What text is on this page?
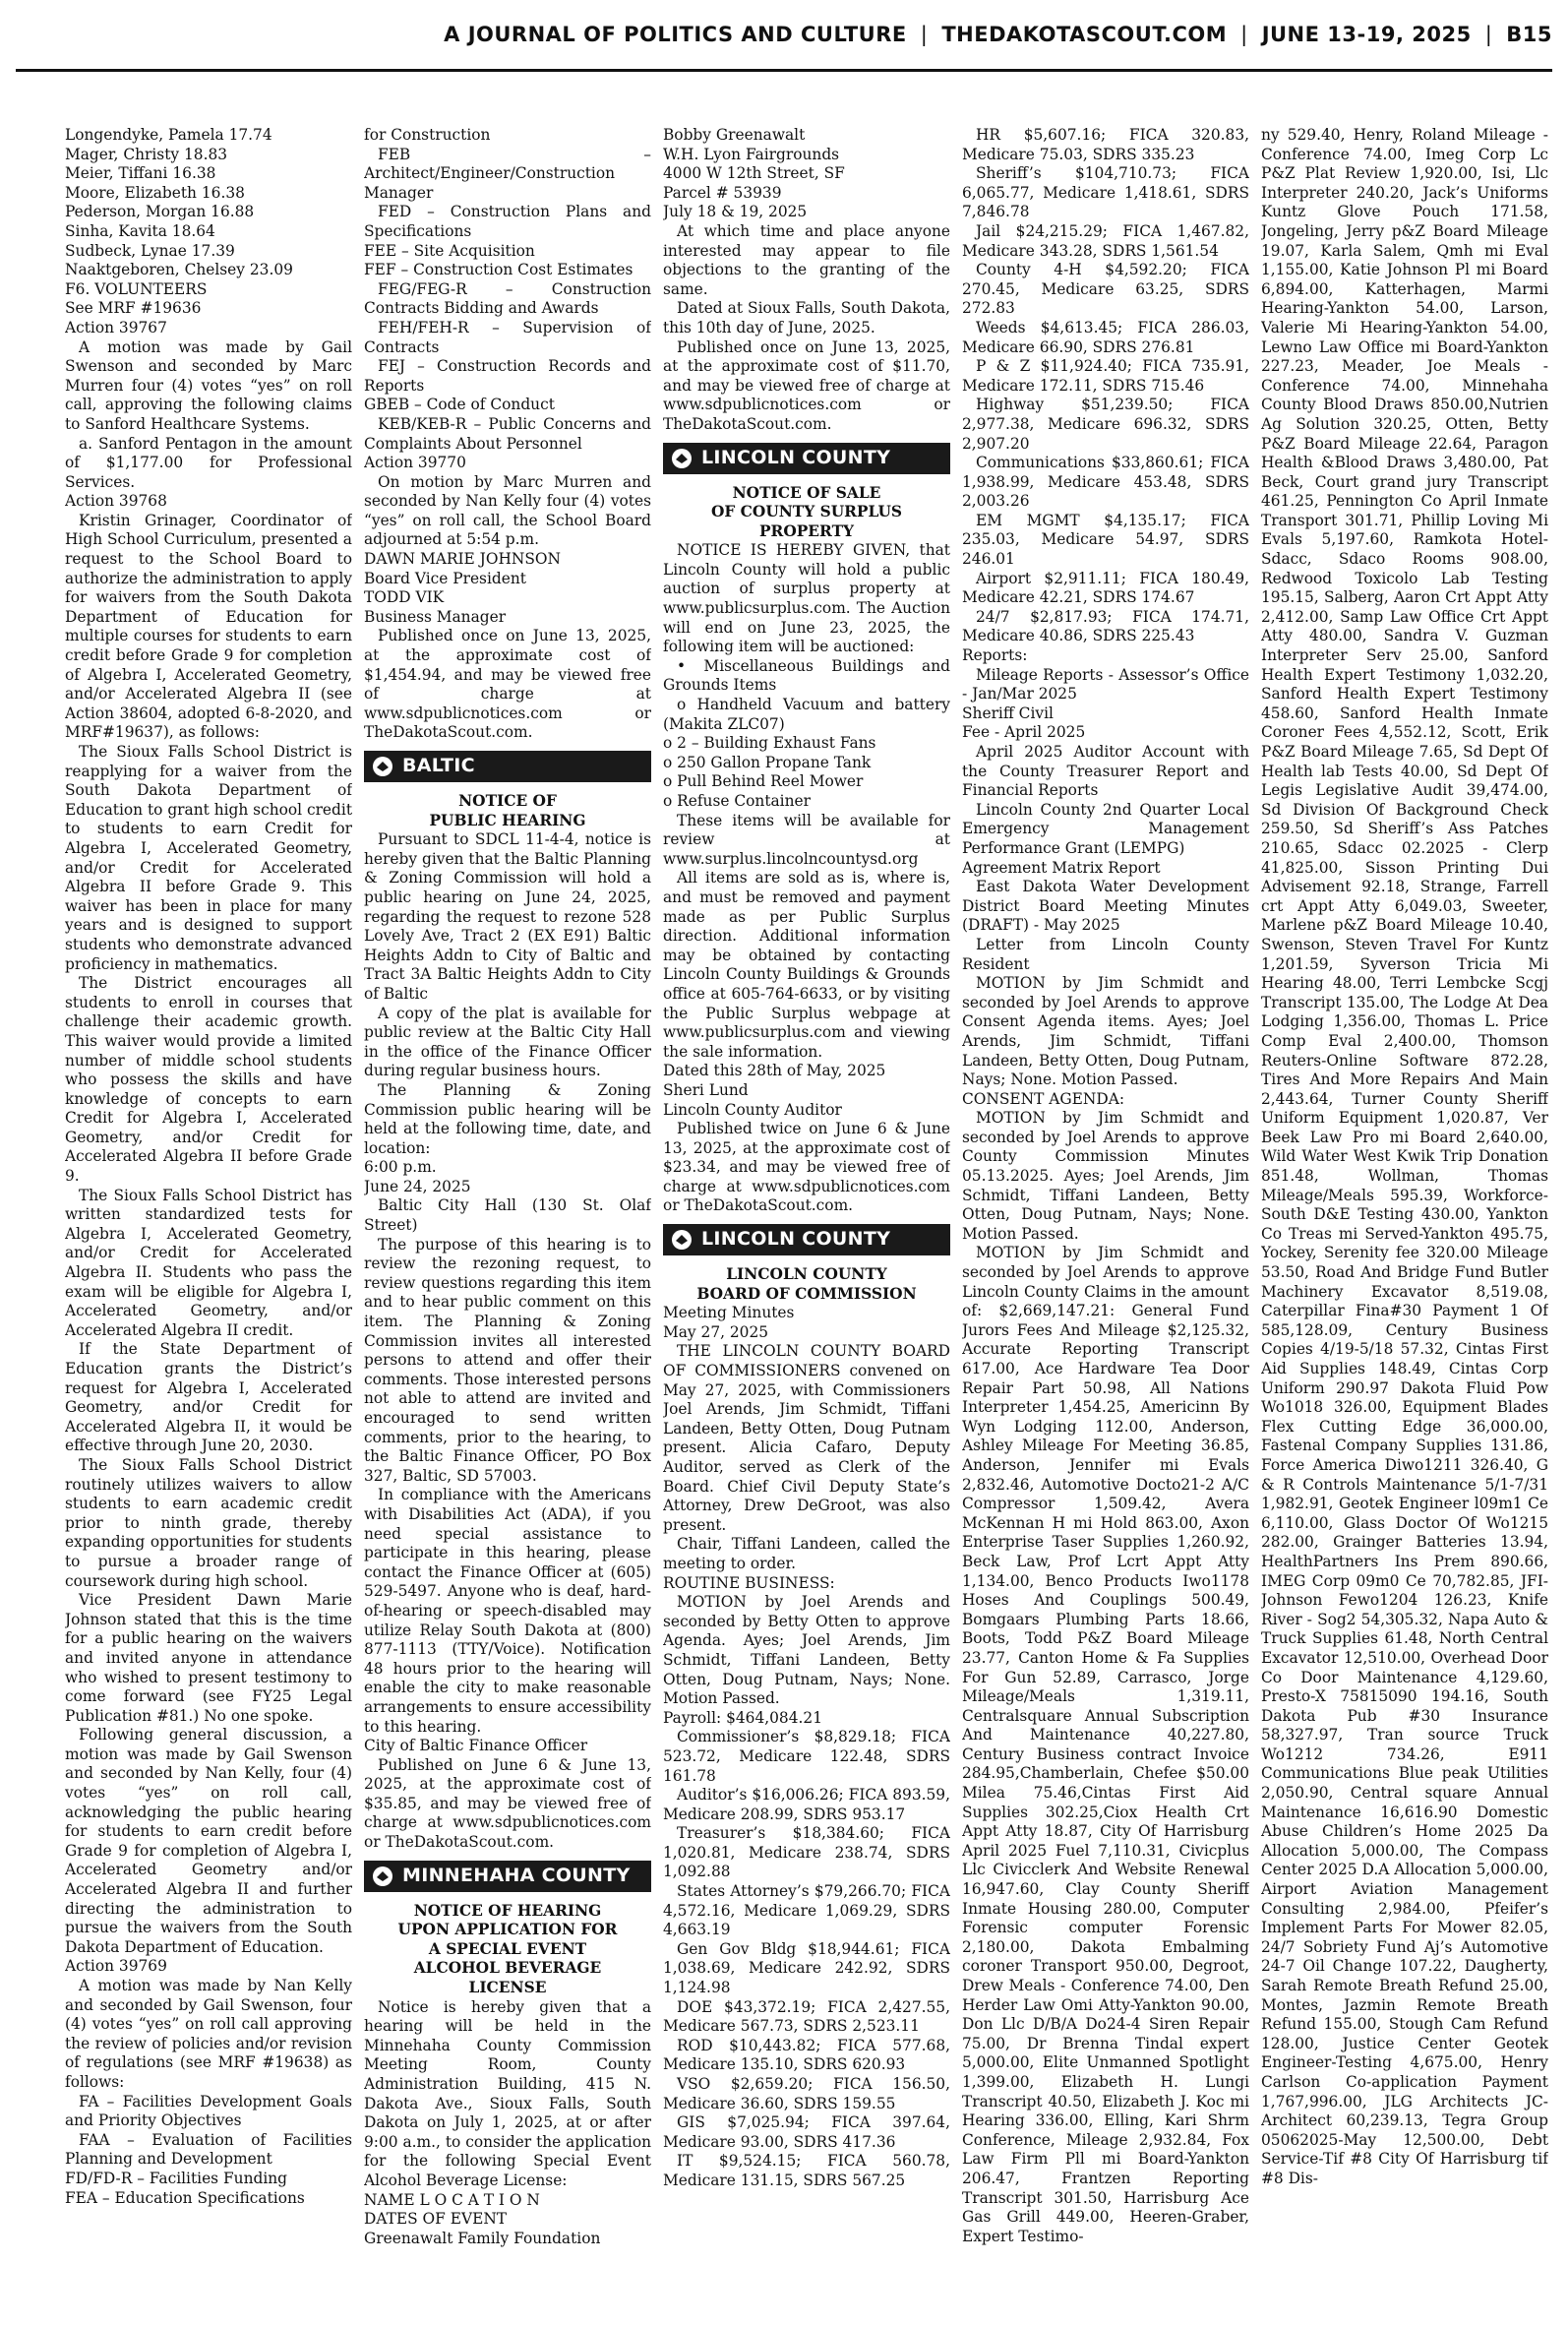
A JOURNAL OF POLITICS AND CULTURE | THEDAKOTASCOUT.COM | JUNE 13-19, 2025 | B15

Longendyke, Pamela 17.74

Mager, Christy 18.83

Meier, Tiffani 16.38

Moore, Elizabeth 16.38

Pederson, Morgan 16.88

Sinha, Kavita 18.64

Sudbeck, Lynae 17.39

Naaktgeboren, Chelsey 23.09

F6. VOLUNTEERS

See MRF #19636

Action 39767

A motion was made by Gail Swenson and seconded by Marc Murren four (4) votes “yes” on roll call, approving the following claims to Sanford Healthcare Systems.

a. Sanford Pentagon in the amount of $1,177.00 for Professional Services.

Action 39768

Kristin Grinager, Coordinator of High School Curriculum, presented a request to the School Board to authorize the administration to apply for waivers from the South Dakota Department of Education for multiple courses for students to earn credit before Grade 9 for completion of Algebra I, Accelerated Geometry, and/or Accelerated Algebra II (see Action 38604, adopted 6-8-2020, and MRF#19637), as follows:

The Sioux Falls School District is reapplying for a waiver from the South Dakota Department of Education to grant high school credit to students to earn Credit for Algebra I, Accelerated Geometry, and/or Credit for Accelerated Algebra II before Grade 9. This waiver has been in place for many years and is designed to support students who demonstrate advanced proficiency in mathematics.

The District encourages all students to enroll in courses that challenge their academic growth. This waiver would provide a limited number of middle school students who possess the skills and have knowledge of concepts to earn Credit for Algebra I, Accelerated Geometry, and/or Credit for Accelerated Algebra II before Grade 9.

The Sioux Falls School District has written standardized tests for Algebra I, Accelerated Geometry, and/or Credit for Accelerated Algebra II. Students who pass the exam will be eligible for Algebra I, Accelerated Geometry, and/or Accelerated Algebra II credit.

If the State Department of Education grants the District’s request for Algebra I, Accelerated Geometry, and/or Credit for Accelerated Algebra II, it would be effective through June 20, 2030.

The Sioux Falls School District routinely utilizes waivers to allow students to earn academic credit prior to ninth grade, thereby expanding opportunities for students to pursue a broader range of coursework during high school.

Vice President Dawn Marie Johnson stated that this is the time for a public hearing on the waivers and invited anyone in attendance who wished to present testimony to come forward (see FY25 Legal Publication #81.) No one spoke.

Following general discussion, a motion was made by Gail Swenson and seconded by Nan Kelly, four (4) votes “yes” on roll call, acknowledging the public hearing for students to earn credit before Grade 9 for completion of Algebra I, Accelerated Geometry and/or Accelerated Algebra II and further directing the administration to pursue the waivers from the South Dakota Department of Education.

Action 39769

A motion was made by Nan Kelly and seconded by Gail Swenson, four (4) votes “yes” on roll call approving the review of policies and/or revision of regulations (see MRF #19638) as follows:

FA – Facilities Development Goals and Priority Objectives

FAA – Evaluation of Facilities Planning and Development

FD/FD-R – Facilities Funding

FEA – Education Specifications

for Construction

FEB – Architect/Engineer/Construction Manager

FED – Construction Plans and Specifications

FEE – Site Acquisition

FEF – Construction Cost Estimates

FEG/FEG-R – Construction Contracts Bidding and Awards

FEH/FEH-R – Supervision of Contracts

FEJ – Construction Records and Reports

GBEB – Code of Conduct

KEB/KEB-R – Public Concerns and Complaints About Personnel

Action 39770

On motion by Marc Murren and seconded by Nan Kelly four (4) votes “yes” on roll call, the School Board adjourned at 5:54 p.m.

DAWN MARIE JOHNSON

Board Vice President

TODD VIK

Business Manager

Published once on June 13, 2025, at the approximate cost of $1,454.94, and may be viewed free of charge at www.sdpublicnotices.com or TheDakotaScout.com.

BALTIC

NOTICE OF

PUBLIC HEARING

Pursuant to SDCL 11-4-4, notice is hereby given that the Baltic Planning & Zoning Commission will hold a public hearing on June 24, 2025, regarding the request to rezone 528 Lovely Ave, Tract 2 (EX E91) Baltic Heights Addn to City of Baltic and Tract 3A Baltic Heights Addn to City of Baltic

A copy of the plat is available for public review at the Baltic City Hall in the office of the Finance Officer during regular business hours.

The Planning & Zoning Commission public hearing will be held at the following time, date, and location:

6:00 p.m.

June 24, 2025

Baltic City Hall (130 St. Olaf Street)

The purpose of this hearing is to review the rezoning request, to review questions regarding this item and to hear public comment on this item. The Planning & Zoning Commission invites all interested persons to attend and offer their comments. Those interested persons not able to attend are invited and encouraged to send written comments, prior to the hearing, to the Baltic Finance Officer, PO Box 327, Baltic, SD 57003.

In compliance with the Americans with Disabilities Act (ADA), if you need special assistance to participate in this hearing, please contact the Finance Officer at (605) 529-5497. Anyone who is deaf, hard-of-hearing or speech-disabled may utilize Relay South Dakota at (800) 877-1113 (TTY/Voice). Notification 48 hours prior to the hearing will enable the city to make reasonable arrangements to ensure accessibility to this hearing.

City of Baltic Finance Officer

Published on June 6 & June 13, 2025, at the approximate cost of $35.85, and may be viewed free of charge at www.sdpublicnotices.com or TheDakotaScout.com.

MINNEHAHA COUNTY

NOTICE OF HEARING

UPON APPLICATION FOR

A SPECIAL EVENT

ALCOHOL BEVERAGE

LICENSE

Notice is hereby given that a hearing will be held in the Minnehaha County Commission Meeting Room, County Administration Building, 415 N. Dakota Ave., Sioux Falls, South Dakota on July 1, 2025, at or after 9:00 a.m., to consider the application for the following Special Event Alcohol Beverage License:

NAME L O C A T I O N

DATES OF EVENT

Greenawalt Family Foundation

Bobby Greenawalt

W.H. Lyon Fairgrounds

4000 W 12th Street, SF

Parcel # 53939

July 18 & 19, 2025

At which time and place anyone interested may appear to file objections to the granting of the same.

Dated at Sioux Falls, South Dakota, this 10th day of June, 2025.

Published once on June 13, 2025, at the approximate cost of $11.70, and may be viewed free of charge at www.sdpublicnotices.com or TheDakotaScout.com.

LINCOLN COUNTY

NOTICE OF SALE

OF COUNTY SURPLUS

PROPERTY

NOTICE IS HEREBY GIVEN, that Lincoln County will hold a public auction of surplus property at www.publicsurplus.com. The Auction will end on June 23, 2025, the following item will be auctioned:

• Miscellaneous Buildings and Grounds Items

o Handheld Vacuum and battery (Makita ZLC07)

o 2 – Building Exhaust Fans

o 250 Gallon Propane Tank

o Pull Behind Reel Mower

o Refuse Container

These items will be available for review at www.surplus.lincolncountysd.org

All items are sold as is, where is, and must be removed and payment made as per Public Surplus direction. Additional information may be obtained by contacting Lincoln County Buildings & Grounds office at 605-764-6633, or by visiting the Public Surplus webpage at www.publicsurplus.com and viewing the sale information.

Dated this 28th of May, 2025

Sheri Lund

Lincoln County Auditor

Published twice on June 6 & June 13, 2025, at the approximate cost of $23.34, and may be viewed free of charge at www.sdpublicnotices.com or TheDakotaScout.com.

LINCOLN COUNTY

LINCOLN COUNTY

BOARD OF COMMISSION

Meeting Minutes

May 27, 2025

THE LINCOLN COUNTY BOARD OF COMMISSIONERS convened on May 27, 2025, with Commissioners Joel Arends, Jim Schmidt, Tiffani Landeen, Betty Otten, Doug Putnam present. Alicia Cafaro, Deputy Auditor, served as Clerk of the Board. Chief Civil Deputy State’s Attorney, Drew DeGroot, was also present.

Chair, Tiffani Landeen, called the meeting to order.

ROUTINE BUSINESS:

MOTION by Joel Arends and seconded by Betty Otten to approve Agenda. Ayes; Joel Arends, Jim Schmidt, Tiffani Landeen, Betty Otten, Doug Putnam, Nays; None. Motion Passed.

Payroll: $464,084.21

Commissioner’s $8,829.18; FICA 523.72, Medicare 122.48, SDRS 161.78

Auditor’s $16,006.26; FICA 893.59, Medicare 208.99, SDRS 953.17

Treasurer’s $18,384.60; FICA 1,020.81, Medicare 238.74, SDRS 1,092.88

States Attorney’s $79,266.70; FICA 4,572.16, Medicare 1,069.29, SDRS 4,663.19

Gen Gov Bldg $18,944.61; FICA 1,038.69, Medicare 242.92, SDRS 1,124.98

DOE $43,372.19; FICA 2,427.55, Medicare 567.73, SDRS 2,523.11

ROD $10,443.82; FICA 577.68, Medicare 135.10, SDRS 620.93

VSO $2,659.20; FICA 156.50, Medicare 36.60, SDRS 159.55

GIS $7,025.94; FICA 397.64, Medicare 93.00, SDRS 417.36

IT $9,524.15; FICA 560.78, Medicare 131.15, SDRS 567.25

HR $5,607.16; FICA 320.83, Medicare 75.03, SDRS 335.23

Sheriff’s $104,710.73; FICA 6,065.77, Medicare 1,418.61, SDRS 7,846.78

Jail $24,215.29; FICA 1,467.82, Medicare 343.28, SDRS 1,561.54

County 4-H $4,592.20; FICA 270.45, Medicare 63.25, SDRS 272.83

Weeds $4,613.45; FICA 286.03, Medicare 66.90, SDRS 276.81

P & Z $11,924.40; FICA 735.91, Medicare 172.11, SDRS 715.46

Highway $51,239.50; FICA 2,977.38, Medicare 696.32, SDRS 2,907.20

Communications $33,860.61; FICA 1,938.99, Medicare 453.48, SDRS 2,003.26

EM MGMT $4,135.17; FICA 235.03, Medicare 54.97, SDRS 246.01

Airport $2,911.11; FICA 180.49, Medicare 42.21, SDRS 174.67

24/7 $2,817.93; FICA 174.71, Medicare 40.86, SDRS 225.43

Reports:

Mileage Reports - Assessor’s Office - Jan/Mar 2025

Sheriff Civil

Fee - April 2025

April 2025 Auditor Account with the County Treasurer Report and Financial Reports

Lincoln County 2nd Quarter Local Emergency Management Performance Grant (LEMPG)

Agreement Matrix Report

East Dakota Water Development District Board Meeting Minutes (DRAFT) - May 2025

Letter from Lincoln County Resident

MOTION by Jim Schmidt and seconded by Joel Arends to approve Consent Agenda items. Ayes; Joel Arends, Jim Schmidt, Tiffani Landeen, Betty Otten, Doug Putnam, Nays; None. Motion Passed.

CONSENT AGENDA:

MOTION by Jim Schmidt and seconded by Joel Arends to approve County Commission Minutes 05.13.2025. Ayes; Joel Arends, Jim Schmidt, Tiffani Landeen, Betty Otten, Doug Putnam, Nays; None. Motion Passed.

MOTION by Jim Schmidt and seconded by Joel Arends to approve Lincoln County Claims in the amount of: $2,669,147.21: General Fund Jurors Fees And Mileage $2,125.32, Accurate Reporting Transcript 617.00, Ace Hardware Tea Door Repair Part 50.98, All Nations Interpreter 1,454.25, Americinn By Wyn Lodging 112.00, Anderson, Ashley Mileage For Meeting 36.85, Anderson, Jennifer mi Evals 2,832.46, Automotive Docto21-2 A/C Compressor 1,509.42, Avera McKennan H mi Hold 863.00, Axon Enterprise Taser Supplies 1,260.92, Beck Law, Prof Lcrt Appt Atty 1,134.00, Benco Products Iwo1178 Hoses And Couplings 500.49, Bomgaars Plumbing Parts 18.66, Boots, Todd P&Z Board Mileage 23.77, Canton Home & Fa Supplies For Gun 52.89, Carrasco, Jorge Mileage/Meals 1,319.11, Centralsquare Annual Subscription And Maintenance 40,227.80, Century Business contract Invoice 284.95,Chamberlain, Chefee $50.00 Milea 75.46,Cintas First Aid Supplies 302.25,Ciox Health Crt Appt Atty 18.87, City Of Harrisburg April 2025 Fuel 7,110.31, Civicplus Llc Civicclerk And Website Renewal 16,947.60, Clay County Sheriff Inmate Housing 280.00, Computer Forensic computer Forensic 2,180.00, Dakota Embalming coroner Transport 950.00, Degroot, Drew Meals - Conference 74.00, Den Herder Law Omi Atty-Yankton 90.00, Don Llc D/B/A Do24-4 Siren Repair 75.00, Dr Brenna Tindal expert 5,000.00, Elite Unmanned Spotlight 1,399.00, Elizabeth H. Lungi Transcript 40.50, Elizabeth J. Koc mi Hearing 336.00, Elling, Kari Shrm Conference, Mileage 2,932.84, Fox Law Firm Pll mi Board-Yankton 206.47, Frantzen Reporting Transcript 301.50, Harrisburg Ace Gas Grill 449.00, Heeren-Graber, Expert Testimo-

ny 529.40, Henry, Roland Mileage - Conference 74.00, Imeg Corp Lc P&Z Plat Review 1,920.00, Isi, Llc Interpreter 240.20, Jack’s Uniforms Kuntz Glove Pouch 171.58, Jongeling, Jerry p&Z Board Mileage 19.07, Karla Salem, Qmh mi Eval 1,155.00, Katie Johnson Pl mi Board 6,894.00, Katterhagen, Marmi Hearing-Yankton 54.00, Larson, Valerie Mi Hearing-Yankton 54.00, Lewno Law Office mi Board-Yankton 227.23, Meader, Joe Meals - Conference 74.00, Minnehaha County Blood Draws 850.00,Nutrien Ag Solution 320.25, Otten, Betty P&Z Board Mileage 22.64, Paragon Health &Blood Draws 3,480.00, Pat Beck, Court grand jury Transcript 461.25, Pennington Co April Inmate Transport 301.71, Phillip Loving Mi Evals 5,197.60, Ramkota Hotel-Sdacc, Sdaco Rooms 908.00, Redwood Toxicolo Lab Testing 195.15, Salberg, Aaron Crt Appt Atty 2,412.00, Samp Law Office Crt Appt Atty 480.00, Sandra V. Guzman Interpreter Serv 25.00, Sanford Health Expert Testimony 1,032.20, Sanford Health Expert Testimony 458.60, Sanford Health Inmate Coroner Fees 4,552.12, Scott, Erik P&Z Board Mileage 7.65, Sd Dept Of Health lab Tests 40.00, Sd Dept Of Legis Legislative Audit 39,474.00, Sd Division Of Background Check 259.50, Sd Sheriff’s Ass Patches 210.65, Sdacc 02.2025 - Clerp 41,825.00, Sisson Printing Dui Advisement 92.18, Strange, Farrell crt Appt Atty 6,049.03, Sweeter, Marlene p&Z Board Mileage 10.40, Swenson, Steven Travel For Kuntz 1,201.59, Syverson Tricia Mi Hearing 48.00, Terri Lembcke Scgj Transcript 135.00, The Lodge At Dea Lodging 1,356.00, Thomas L. Price Comp Eval 2,400.00, Thomson Reuters-Online Software 872.28, Tires And More Repairs And Main 2,443.64, Turner County Sheriff Uniform Equipment 1,020.87, Ver Beek Law Pro mi Board 2,640.00, Wild Water West Kwik Trip Donation 851.48, Wollman, Thomas Mileage/Meals 595.39, Workforce-South D&E Testing 430.00, Yankton Co Treas mi Served-Yankton 495.75, Yockey, Serenity fee 320.00 Mileage 53.50, Road And Bridge Fund Butler Machinery Excavator 8,519.08, Caterpillar Fina#30 Payment 1 Of 585,128.09, Century Business Copies 4/19-5/18 57.32, Cintas First Aid Supplies 148.49, Cintas Corp Uniform 290.97 Dakota Fluid Pow Wo1018 326.00, Equipment Blades Flex Cutting Edge 36,000.00, Fastenal Company Supplies 131.86, Force America Diwo1211 326.40, G & R Controls Maintenance 5/1-7/31 1,982.91, Geotek Engineer l09m1 Ce 6,110.00, Glass Doctor Of Wo1215 282.00, Grainger Batteries 13.94, HealthPartners Ins Prem 890.66, IMEG Corp 09m0 Ce 70,782.85, JFI- Johnson Fewo1204 126.23, Knife River - Sog2 54,305.32, Napa Auto & Truck Supplies 61.48, North Central Excavator 12,510.00, Overhead Door Co Door Maintenance 4,129.60, Presto-X 75815090 194.16, South Dakota Pub #30 Insurance 58,327.97, Tran source Truck Wo1212 734.26, E911 Communications Blue peak Utilities 2,050.90, Central square Annual Maintenance 16,616.90 Domestic Abuse Children’s Home 2025 Da Allocation 5,000.00, The Compass Center 2025 D.A Allocation 5,000.00, Airport Aviation Management Consulting 2,984.00, Pfeifer’s Implement Parts For Mower 82.05, 24/7 Sobriety Fund Aj’s Automotive 24-7 Oil Change 107.22, Daugherty, Sarah Remote Breath Refund 25.00, Montes, Jazmin Remote Breath Refund 155.00, Stough Cam Refund 128.00, Justice Center Geotek Engineer-Testing 4,675.00, Henry Carlson Co-application Payment 1,767,996.00, JLG Architects JC-Architect 60,239.13, Tegra Group 05062025-May 12,500.00, Debt Service-Tif #8 City Of Harrisburg tif #8 Dis-
